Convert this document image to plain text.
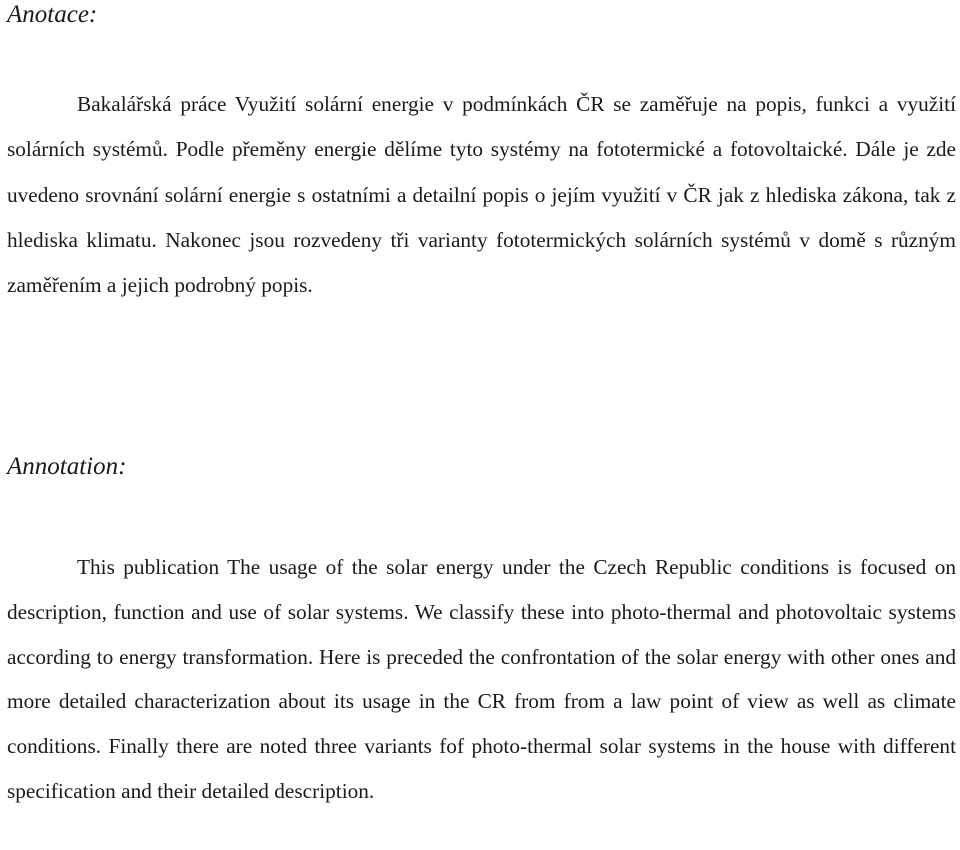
Anotace:

Bakalářská práce Využití solární energie v podmínkách ČR se zaměřuje na popis, funkci a využití solárních systémů. Podle přeměny energie dělíme tyto systémy na fototermické a fotovoltaické. Dále je zde uvedeno srovnání solární energie s ostatními a detailní popis o jejím využití v ČR jak z hlediska zákona, tak z hlediska klimatu. Nakonec jsou rozvedeny tři varianty fototermických solárních systémů v domě s různým zaměřením a jejich podrobný popis.

Annotation:

This publication The usage of the solar energy under the Czech Republic conditions is focused on description, function and use of solar systems. We classify these into photo-thermal and photovoltaic systems according to energy transformation. Here is preceded the confrontation of the solar energy with other ones and more detailed characterization about its usage in the CR from from a law point of view as well as climate conditions. Finally there are noted three variants fof photo-thermal solar systems in the house with different specification and their detailed description.
